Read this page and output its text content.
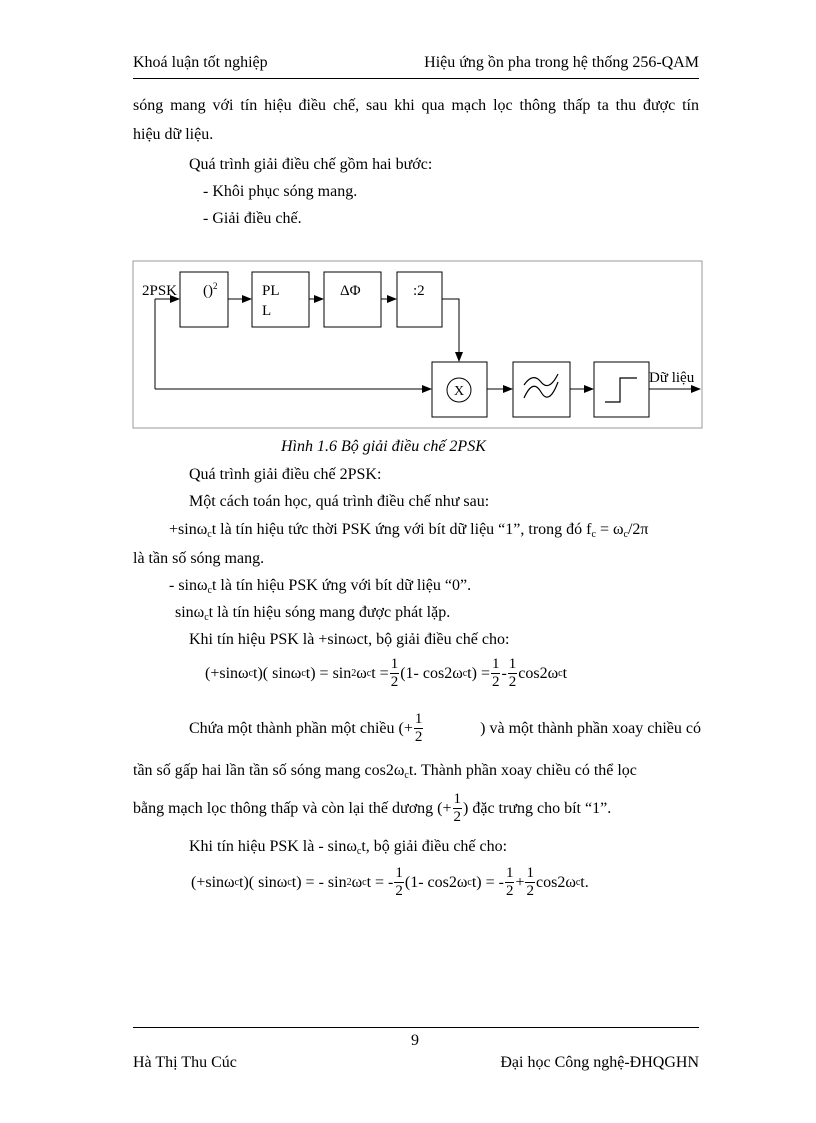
Khoá luận tốt nghiệp	Hiệu ứng ồn pha trong hệ thống 256-QAM
sóng mang với tín hiệu điều chế, sau khi qua mạch lọc thông thấp ta thu được tín
hiệu dữ liệu.
Quá trình giải điều chế gồm hai bước:
- Khôi phục sóng mang.
- Giải điều chế.
2PSK ()$^2$	PL
L
ΔΦ	:2
X
Dữ liệu
Hình 1.6 Bộ giải điều chế 2PSK
Quá trình giải điều chế 2PSK:
Một cách toán học, quá trình điều chế như sau:
+sinω$_c$t là tín hiệu tức thời PSK ứng với bít dữ liệu “1”, trong đó $f_c = \omega_c/2\pi$
là tần số sóng mang.
- sinω$_c$t là tín hiệu PSK ứng với bít dữ liệu “0”.
sinω$_c$t là tín hiệu sóng mang được phát lặp.
Khi tín hiệu PSK là +sinωct, bộ giải điều chế cho:
(+sinω c t)( sinω c t) = sin 2 ω c $t = \frac{1}{2} (1-$ cos2ω c $t) = \frac{1}{2} - \frac{1}{2} \cos 2\omega$ c t
Chứa một thành phần một chiều (+ $\frac{1}{2}$	) và một thành phần xoay chiều có
tần số gấp hai lần tần số sóng mang $\cos 2\omega_ct$. Thành phần xoay chiều có thể lọc
bằng mạch lọc thông thấp và còn lại thế dương (+ $\frac{1}{2}$ ) đặc trưng cho bít “1”.
Khi tín hiệu PSK là - sinω$_c$t, bộ giải điều chế cho:
(+sinω c t)( sinω c t) = - sin 2 ω c t = - $\frac{1}{2} (1-$ cos2ω c t) = - $\frac{1}{2} + \frac{1}{2} \cos 2\omega$ c t.
9
Hà Thị Thu Cúc	Đại học Công nghệ-ĐHQGHN
